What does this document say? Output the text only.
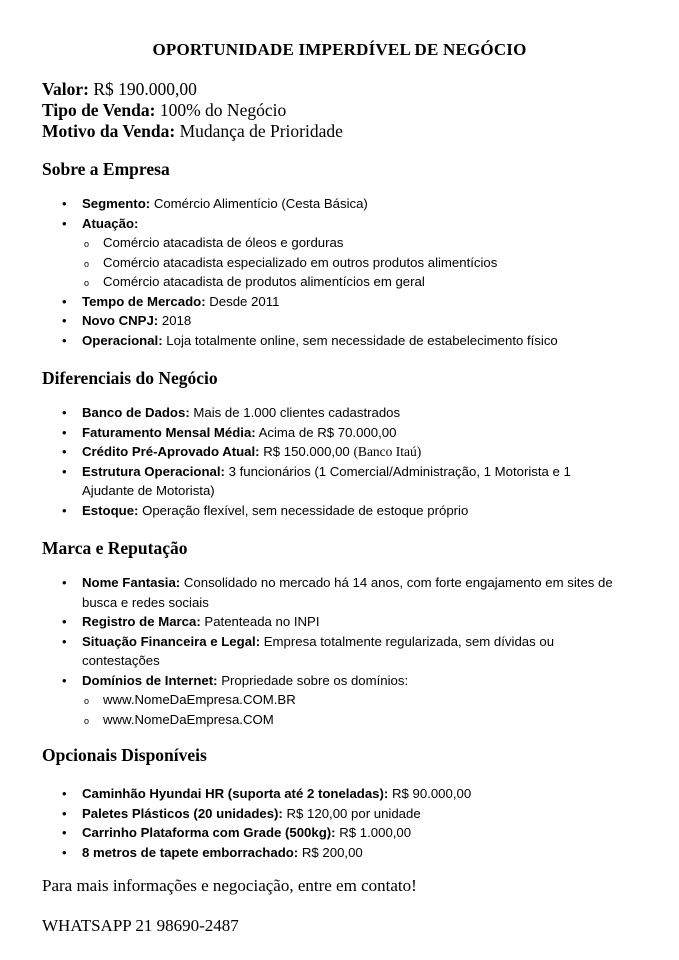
OPORTUNIDADE IMPERDÍVEL DE NEGÓCIO
Valor: R$ 190.000,00
Tipo de Venda: 100% do Negócio
Motivo da Venda: Mudança de Prioridade
Sobre a Empresa
• Segmento: Comércio Alimentício (Cesta Básica)
• Atuação:
o Comércio atacadista de óleos e gorduras
o Comércio atacadista especializado em outros produtos alimentícios
o Comércio atacadista de produtos alimentícios em geral
• Tempo de Mercado: Desde 2011
• Novo CNPJ: 2018
• Operacional: Loja totalmente online, sem necessidade de estabelecimento físico
Diferenciais do Negócio
• Banco de Dados: Mais de 1.000 clientes cadastrados
• Faturamento Mensal Média: Acima de R$ 70.000,00
• Crédito Pré-Aprovado Atual: R$ 150.000,00 (Banco Itaú)
• Estrutura Operacional: 3 funcionários (1 Comercial/Administração, 1 Motorista e 1 Ajudante de Motorista)
• Estoque: Operação flexível, sem necessidade de estoque próprio
Marca e Reputação
• Nome Fantasia: Consolidado no mercado há 14 anos, com forte engajamento em sites de busca e redes sociais
• Registro de Marca: Patenteada no INPI
• Situação Financeira e Legal: Empresa totalmente regularizada, sem dívidas ou contestações
• Domínios de Internet: Propriedade sobre os domínios:
o www.NomeDaEmpresa.COM.BR
o www.NomeDaEmpresa.COM
Opcionais Disponíveis
• Caminhão Hyundai HR (suporta até 2 toneladas): R$ 90.000,00
• Paletes Plásticos (20 unidades): R$ 120,00 por unidade
• Carrinho Plataforma com Grade (500kg): R$ 1.000,00
• 8 metros de tapete emborrachado: R$ 200,00
Para mais informações e negociação, entre em contato!
WHATSAPP 21 98690-2487
